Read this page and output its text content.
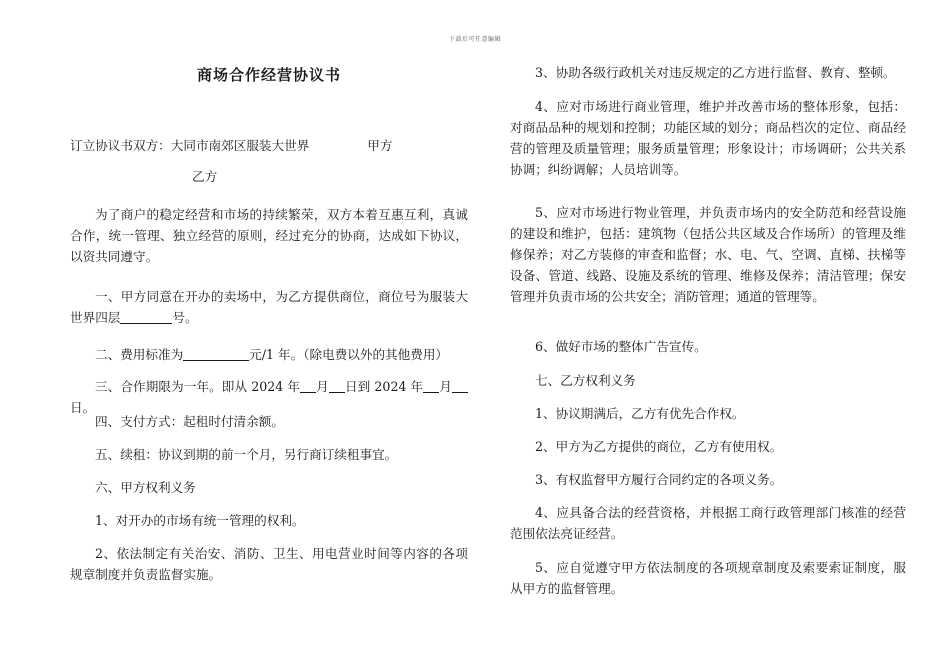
下载后可任意编辑
商场合作经营协议书

订立协议书双方：大同市南郊区服装大世界	甲方

乙方

为了商户的稳定经营和市场的持续繁荣，双方本着互惠互利，真诚合作，统一管理、独立经营的原则，经过充分的协商，达成如下协议，以资共同遵守。

一、甲方同意在开办的卖场中，为乙方提供商位，商位号为服装大世界四层	号。

二、费用标准为	元/1 年。（除电费以外的其他费用）

三、合作期限为一年。即从 2024 年 月 日到 2024 年 月日。

四、支付方式：起租时付清余额。

五、续租：协议到期的前一个月，另行商订续租事宜。

六、甲方权利义务

1、对开办的市场有统一管理的权利。

2、依法制定有关治安、消防、卫生、用电营业时间等内容的各项规章制度并负责监督实施。

3、协助各级行政机关对违反规定的乙方进行监督、教育、整顿。

4、应对市场进行商业管理，维护并改善市场的整体形象，包括：对商品品种的规划和控制；功能区域的划分；商品档次的定位、商品经营的管理及质量管理；服务质量管理；形象设计；市场调研；公共关系协调；纠纷调解；人员培训等。

5、应对市场进行物业管理，并负责市场内的安全防范和经营设施的建设和维护，包括：建筑物（包括公共区域及合作场所）的管理及维修保养；对乙方装修的审查和监督；水、电、气、空调、直梯、扶梯等设备、管道、线路、设施及系统的管理、维修及保养；清洁管理；保安管理并负责市场的公共安全；消防管理；通道的管理等。

6、做好市场的整体广告宣传。

七、乙方权利义务

1、协议期满后，乙方有优先合作权。

2、甲方为乙方提供的商位，乙方有使用权。

3、有权监督甲方履行合同约定的各项义务。

4、应具备合法的经营资格，并根据工商行政管理部门核准的经营范围依法亮证经营。

5、应自觉遵守甲方依法制度的各项规章制度及索要索证制度，服从甲方的监督管理。
